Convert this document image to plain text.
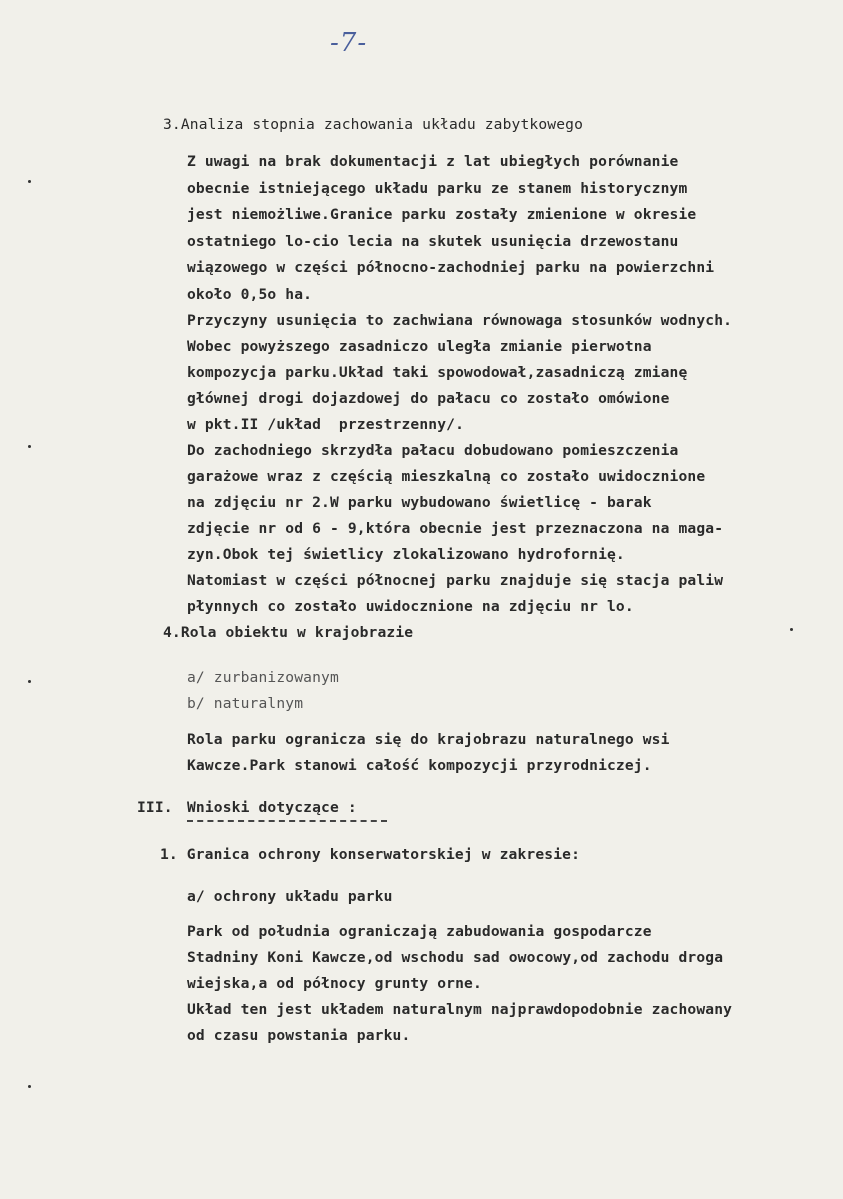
-7-
3.Analiza stopnia zachowania układu zabytkowego
Z uwagi na brak dokumentacji z lat ubiegłych porównanie
obecnie istniejącego układu parku ze stanem historycznym
jest niemożliwe.Granice parku zostały zmienione w okresie
ostatniego lo-cio lecia na skutek usunięcia drzewostanu
wiązowego w części północno-zachodniej parku na powierzchni
około 0,5o ha.
Przyczyny usunięcia to zachwiana równowaga stosunków wodnych.
Wobec powyższego zasadniczo uległa zmianie pierwotna
kompozycja parku.Układ taki spowodował,zasadniczą zmianę
głównej drogi dojazdowej do pałacu co zostało omówione
w pkt.II /układ  przestrzenny/.
Do zachodniego skrzydła pałacu dobudowano pomieszczenia
garażowe wraz z częścią mieszkalną co zostało uwidocznione
na zdjęciu nr 2.W parku wybudowano świetlicę - barak
zdjęcie nr od 6 - 9,która obecnie jest przeznaczona na maga-
zyn.Obok tej świetlicy zlokalizowano hydrofornię.
Natomiast w części północnej parku znajduje się stacja paliw
płynnych co zostało uwidocznione na zdjęciu nr lo.
4.Rola obiektu w krajobrazie
a/ zurbanizowanym
b/ naturalnym
Rola parku ogranicza się do krajobrazu naturalnego wsi
Kawcze.Park stanowi całość kompozycji przyrodniczej.
III. Wnioski dotyczące :
1. Granica ochrony konserwatorskiej w zakresie:
a/ ochrony układu parku
Park od południa ograniczają zabudowania gospodarcze
Stadniny Koni Kawcze,od wschodu sad owocowy,od zachodu droga
wiejska,a od północy grunty orne.
Układ ten jest układem naturalnym najprawdopodobnie zachowany
od czasu powstania parku.
